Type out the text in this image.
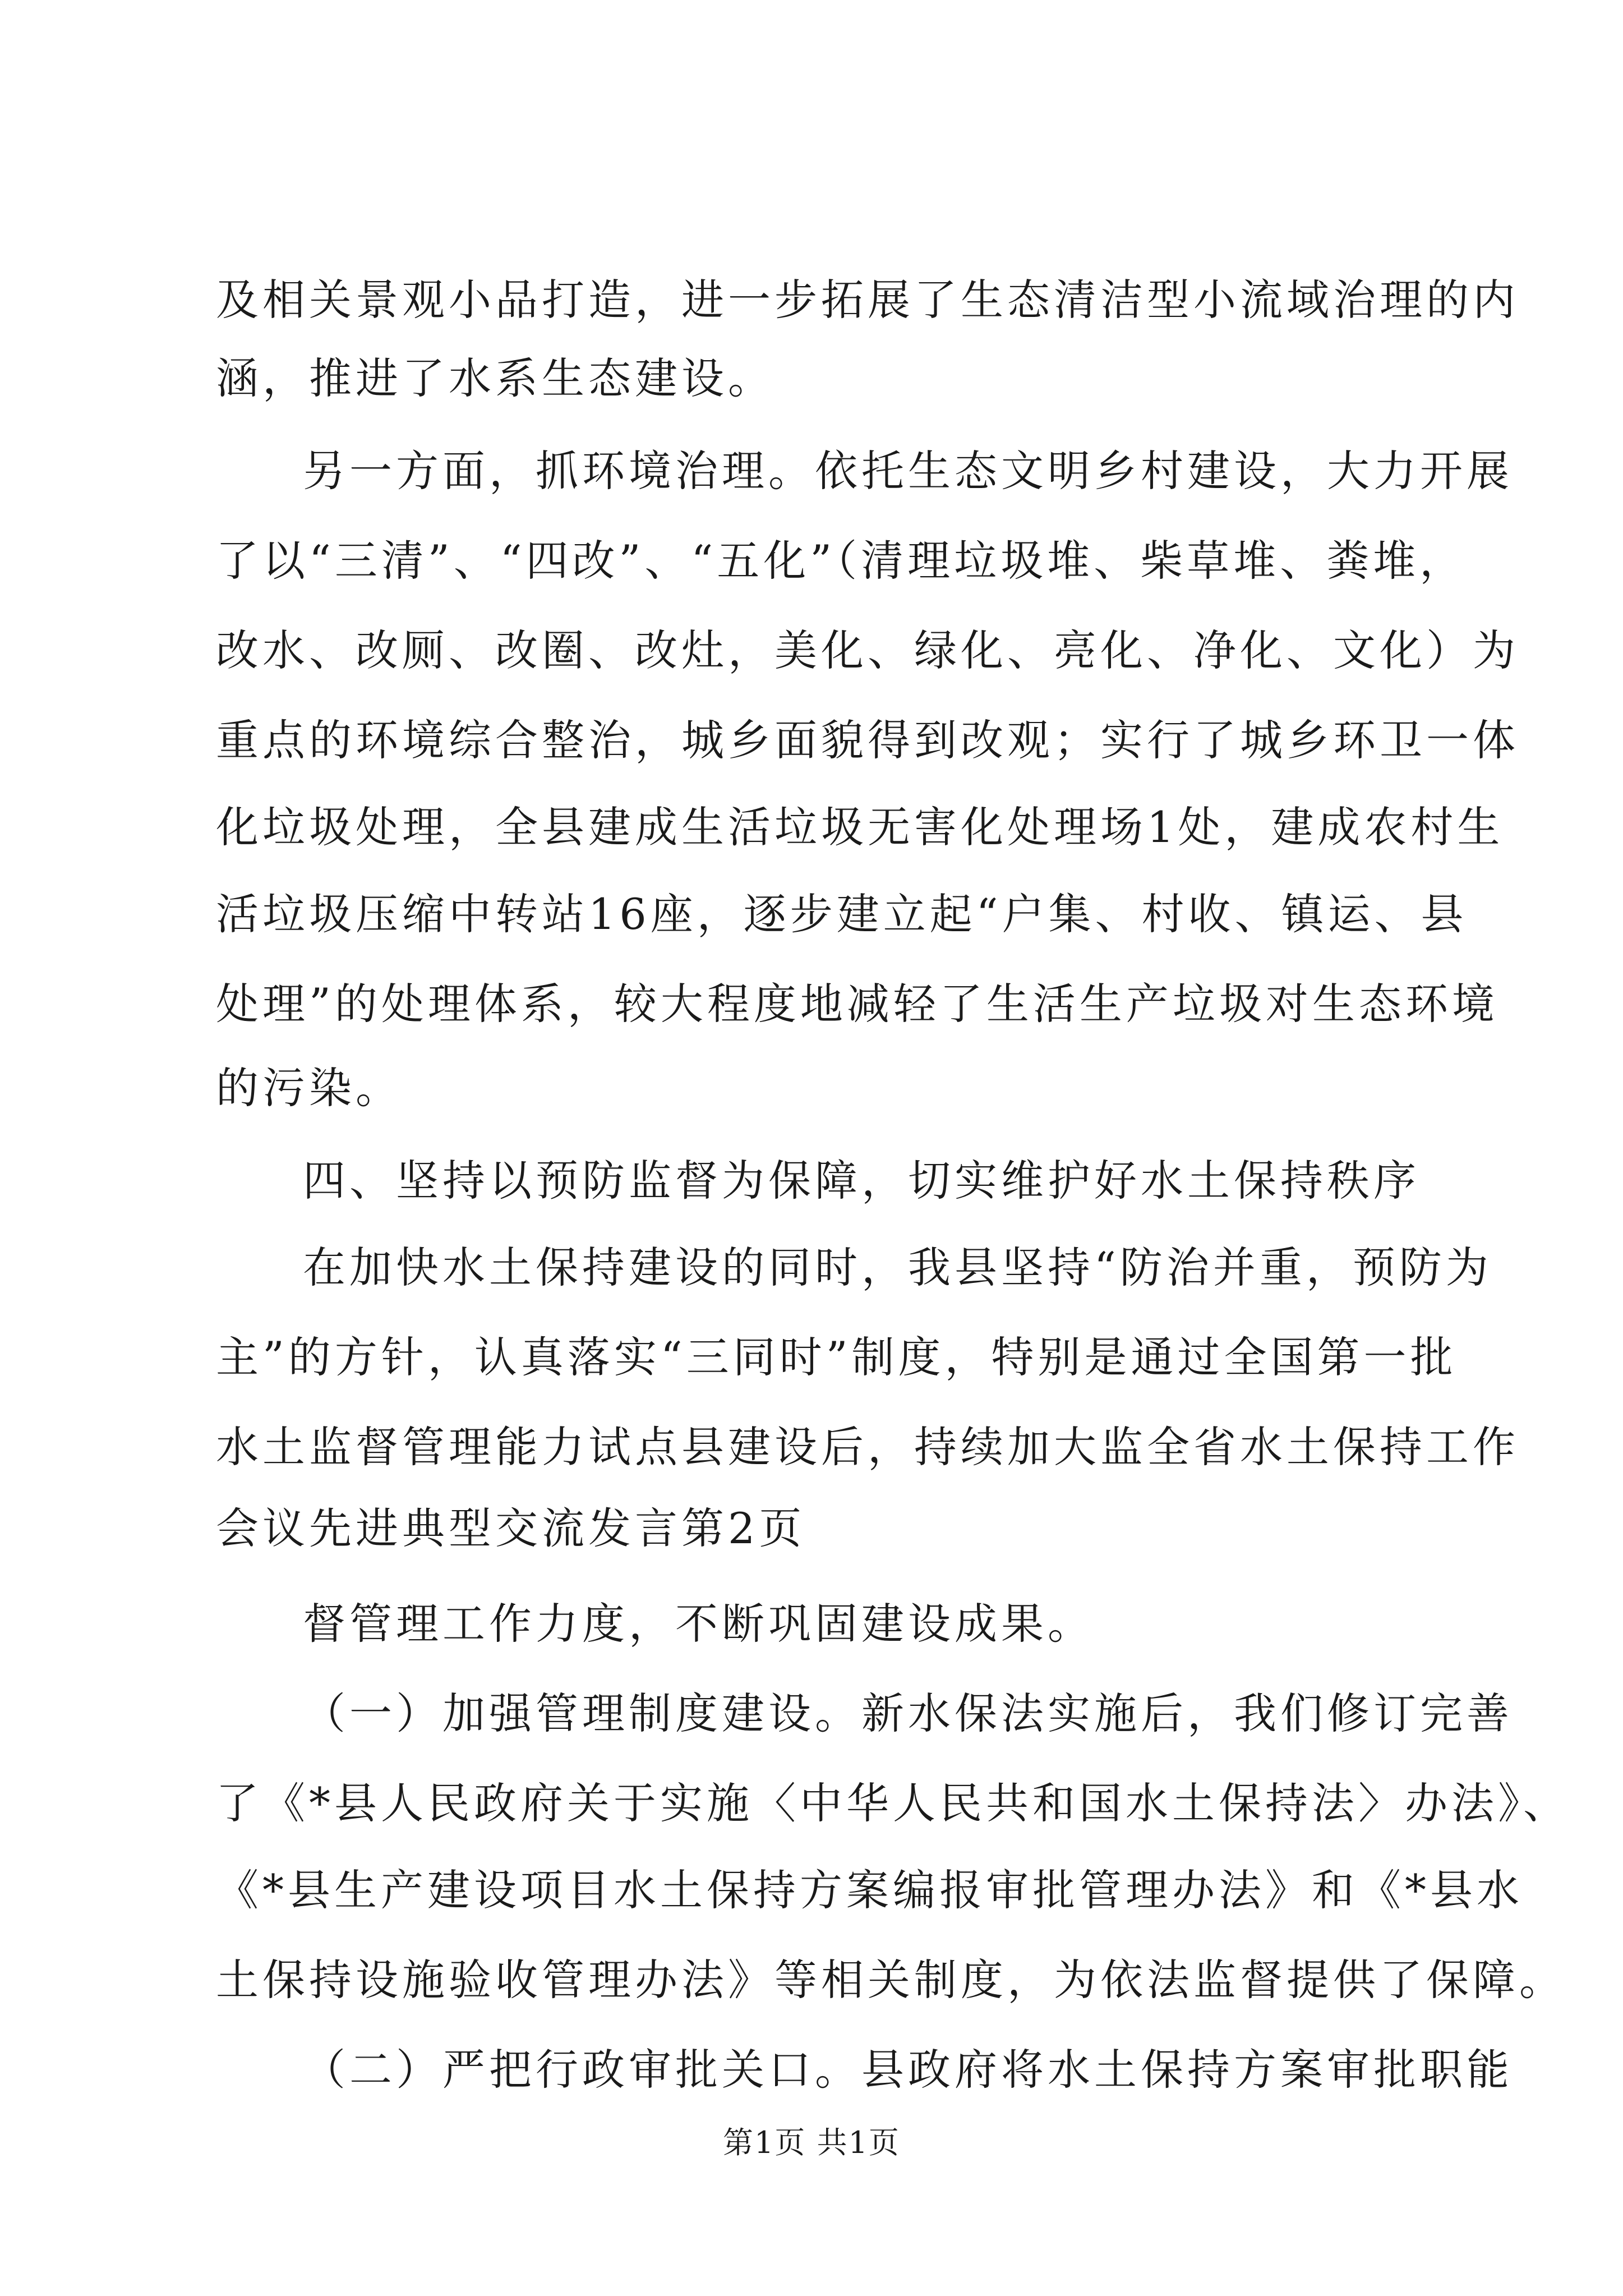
及相关景观小品打造，进一步拓展了生态清洁型小流域治理的内
涵，推进了水系生态建设。
另一方面，抓环境治理。依托生态文明乡村建设，大力开展
了以“三清”、“四改”、“五化”（清理垃圾堆、柴草堆、粪堆，
改水、改厕、改圈、改灶，美化、绿化、亮化、净化、文化）为
重点的环境综合整治，城乡面貌得到改观；实行了城乡环卫一体
化垃圾处理，全县建成生活垃圾无害化处理场1处，建成农村生
活垃圾压缩中转站16座，逐步建立起“户集、村收、镇运、县
处理”的处理体系，较大程度地减轻了生活生产垃圾对生态环境
的污染。
四、坚持以预防监督为保障，切实维护好水土保持秩序
在加快水土保持建设的同时，我县坚持“防治并重，预防为
主”的方针，认真落实“三同时”制度，特别是通过全国第一批
水土监督管理能力试点县建设后，持续加大监全省水土保持工作
会议先进典型交流发言第2页
督管理工作力度，不断巩固建设成果。
（一）加强管理制度建设。新水保法实施后，我们修订完善
了《*县人民政府关于实施〈中华人民共和国水土保持法〉办法》、
《*县生产建设项目水土保持方案编报审批管理办法》和《*县水
土保持设施验收管理办法》等相关制度，为依法监督提供了保障。
（二）严把行政审批关口。县政府将水土保持方案审批职能
第1页 共1页
